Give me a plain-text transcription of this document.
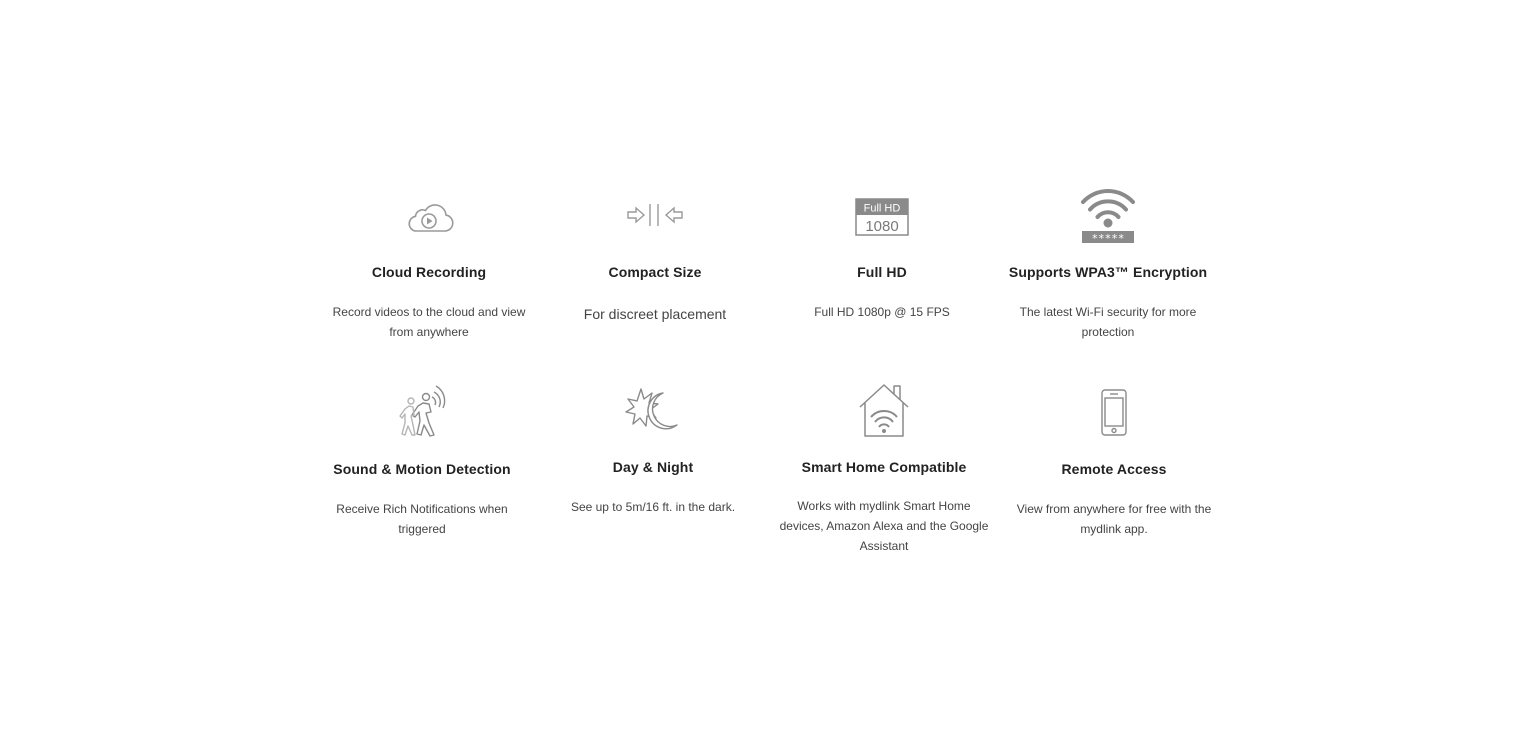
Cloud Recording
Record videos to the cloud and view from anywhere
Compact Size
For discreet placement
Full HD
1080
Full HD
Full HD 1080p @ 15 FPS
*****
Supports WPA3™ Encryption
The latest Wi-Fi security for more protection
Sound & Motion Detection
Receive Rich Notifications when triggered
Day & Night
See up to 5m/16 ft. in the dark.
Smart Home Compatible
Works with mydlink Smart Home devices, Amazon Alexa and the Google Assistant
Remote Access
View from anywhere for free with the mydlink app.
